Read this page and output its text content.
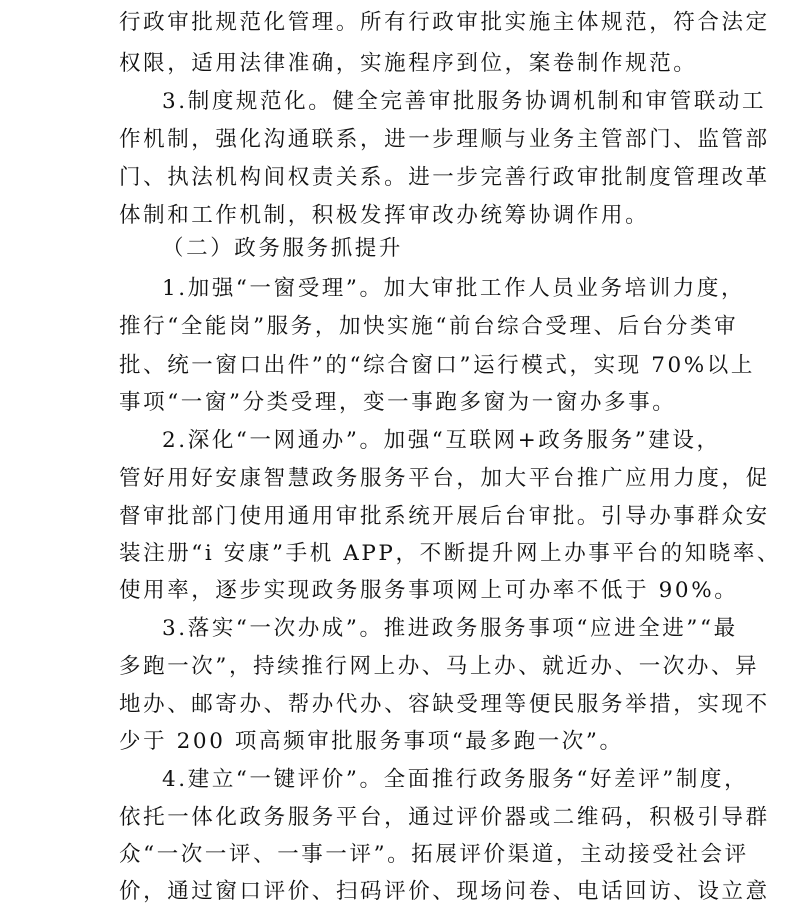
行政审批规范化管理。所有行政审批实施主体规范，符合法定
权限，适用法律准确，实施程序到位，案卷制作规范。
3.制度规范化。健全完善审批服务协调机制和审管联动工
作机制，强化沟通联系，进一步理顺与业务主管部门、监管部
门、执法机构间权责关系。进一步完善行政审批制度管理改革
体制和工作机制，积极发挥审改办统筹协调作用。
（二）政务服务抓提升
1.加强“一窗受理”。加大审批工作人员业务培训力度，
推行“全能岗”服务，加快实施“前台综合受理、后台分类审
批、统一窗口出件”的“综合窗口”运行模式，实现 70%以上
事项“一窗”分类受理，变一事跑多窗为一窗办多事。
2.深化“一网通办”。加强“互联网+政务服务”建设，
管好用好安康智慧政务服务平台，加大平台推广应用力度，促
督审批部门使用通用审批系统开展后台审批。引导办事群众安
装注册“i 安康”手机 APP，不断提升网上办事平台的知晓率、
使用率，逐步实现政务服务事项网上可办率不低于 90%。
3.落实“一次办成”。推进政务服务事项“应进全进”“最
多跑一次”，持续推行网上办、马上办、就近办、一次办、异
地办、邮寄办、帮办代办、容缺受理等便民服务举措，实现不
少于 200 项高频审批服务事项“最多跑一次”。
4.建立“一键评价”。全面推行政务服务“好差评”制度，
依托一体化政务服务平台，通过评价器或二维码，积极引导群
众“一次一评、一事一评”。拓展评价渠道，主动接受社会评
价，通过窗口评价、扫码评价、现场问卷、电话回访、设立意
